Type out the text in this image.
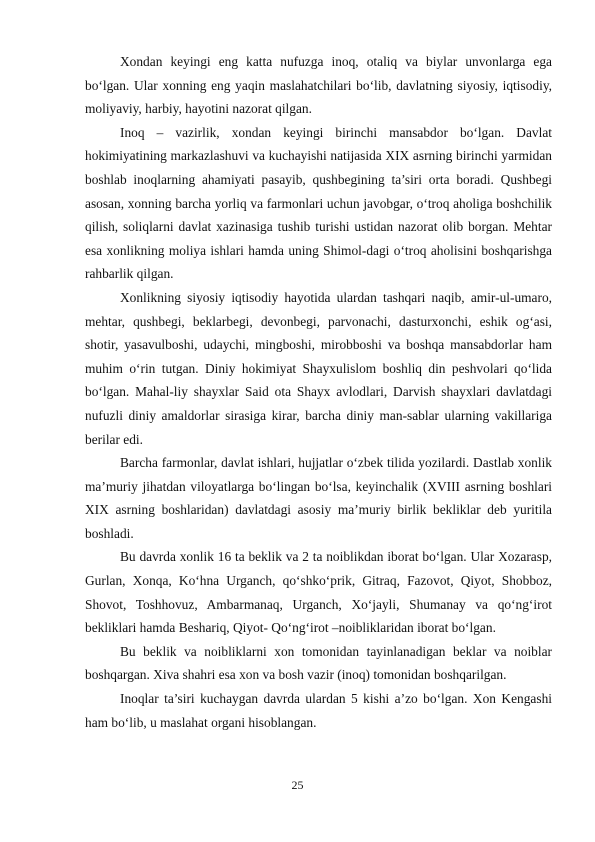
Xondan keyingi eng katta nufuzga inoq, otaliq va biylar unvonlarga ega bo‘lgan. Ular xonning eng yaqin maslahatchilari bo‘lib, davlatning siyosiy, iqtisodiy, moliyaviy, harbiy, hayotini nazorat qilgan.

Inoq – vazirlik, xondan keyingi birinchi mansabdor bo‘lgan. Davlat hokimiyatining markazlashuvi va kuchayishi natijasida XIX asrning birinchi yarmidan boshlab inoqlarning ahamiyati pasayib, qushbegining ta’siri orta boradi. Qushbegi asosan, xonning barcha yorliq va farmonlari uchun javobgar, o‘troq aholiga boshchilik qilish, soliqlarni davlat xazinasiga tushib turishi ustidan nazorat olib borgan. Mehtar esa xonlikning moliya ishlari hamda uning Shimol-dagi o‘troq aholisini boshqarishga rahbarlik qilgan.

Xonlikning siyosiy iqtisodiy hayotida ulardan tashqari naqib, amir-ul-umaro, mehtar, qushbegi, beklarbegi, devonbegi, parvonachi, dasturxonchi, eshik og‘asi, shotir, yasavulboshi, udaychi, mingboshi, mirobboshi va boshqa mansabdorlar ham muhim o‘rin tutgan. Diniy hokimiyat Shayxulislom boshliq din peshvolari qo‘lida bo‘lgan. Mahal-liy shayxlar Said ota Shayx avlodlari, Darvish shayxlari davlatdagi nufuzli diniy amaldorlar sirasiga kirar, barcha diniy man-sablar ularning vakillariga berilar edi.

Barcha farmonlar, davlat ishlari, hujjatlar o‘zbek tilida yozilardi. Dastlab xonlik ma’muriy jihatdan viloyatlarga bo‘lingan bo‘lsa, keyinchalik (XVIII asrning boshlari XIX asrning boshlaridan) davlatdagi asosiy ma’muriy birlik bekliklar deb yuritila boshladi.

Bu davrda xonlik 16 ta beklik va 2 ta noiblikdan iborat bo‘lgan. Ular Xozarasp, Gurlan, Xonqa, Ko‘hna Urganch, qo‘shko‘prik, Gitraq, Fazovot, Qiyot, Shobboz, Shovot, Toshhovuz, Ambarmanaq, Urganch, Xo‘jayli, Shumanay va qo‘ng‘irot bekliklari hamda Beshariq, Qiyot- Qo‘ng‘irot –noibliklaridan iborat bo‘lgan.

Bu beklik va noibliklarni xon tomonidan tayinlanadigan beklar va noiblar boshqargan. Xiva shahri esa xon va bosh vazir (inoq) tomonidan boshqarilgan.

Inoqlar ta’siri kuchaygan davrda ulardan 5 kishi a’zo bo‘lgan. Xon Kengashi ham bo‘lib, u maslahat organi hisoblangan.

25
